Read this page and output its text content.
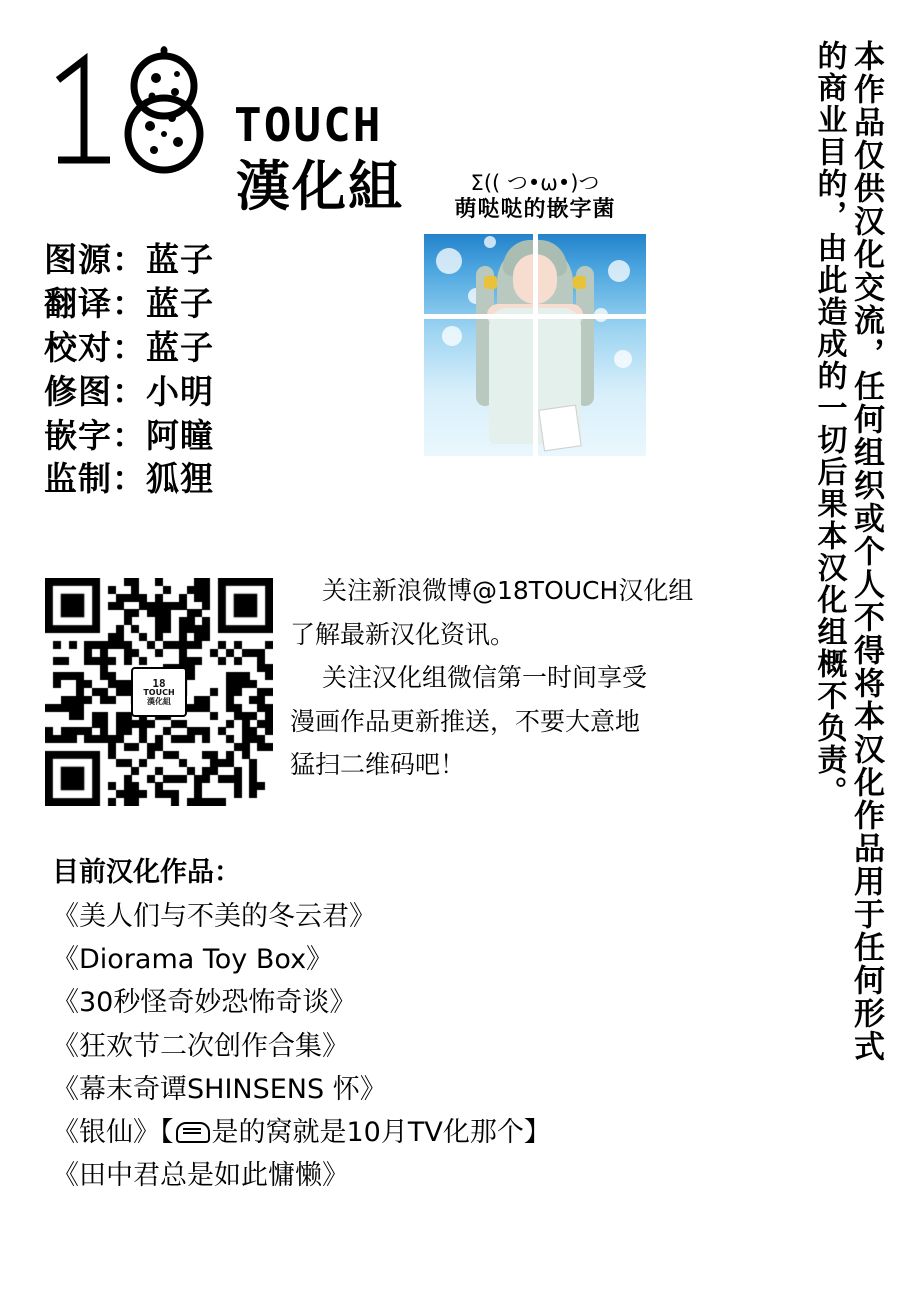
TOUCH
漢化組
图源：蓝子
翻译：蓝子
校对：蓝子
修图：小明
嵌字：阿瞳
监制：狐狸
Σ(( つ•ω•)つ
萌哒哒的嵌字菌
18
TOUCH
漢化組

关注新浪微博@18TOUCH汉化组

了解最新汉化资讯。

关注汉化组微信第一时间享受

漫画作品更新推送，不要大意地

猛扫二维码吧！

目前汉化作品：
《美人们与不美的冬云君》
《Diorama Toy Box》
《30秒怪奇妙恐怖奇谈》
《狂欢节二次创作合集》
《幕末奇谭SHINSENS 怀》
《银仙》【 是的窝就是10月TV化那个】
《田中君总是如此慵懒》
本作品仅供汉化交流，任何组织或个人不得将本汉化作品用于任何形式
的商业目的，由此造成的一切后果本汉化组概不负责。
